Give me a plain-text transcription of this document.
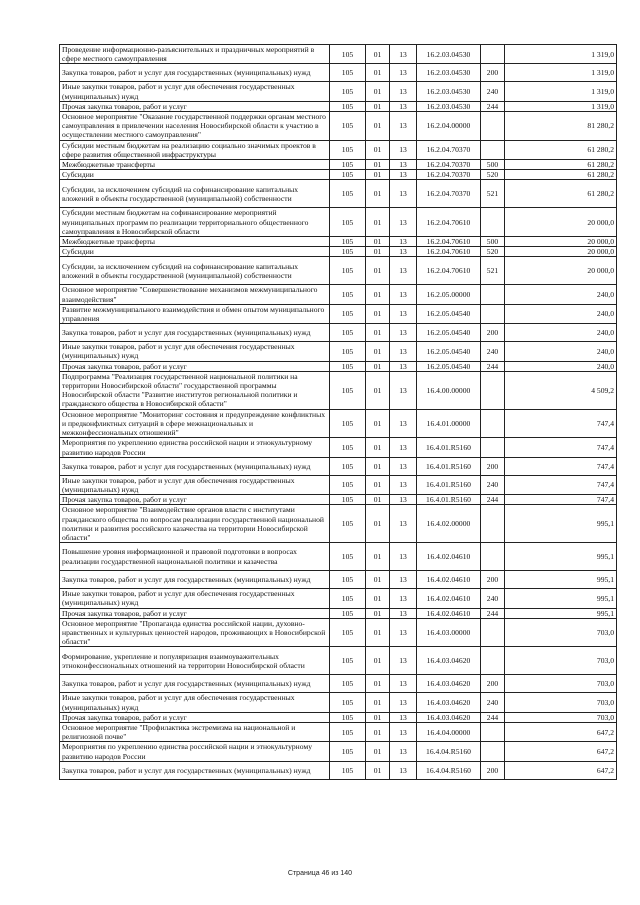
Проведение информационно-разъяснительных и праздничных мероприятий в сфере местного самоуправления	105	01	13	16.2.03.04530		1 319,0
Закупка товаров, работ и услуг для государственных (муниципальных) нужд	105	01	13	16.2.03.04530	200	1 319,0
Иные закупки товаров, работ и услуг для обеспечения государственных (муниципальных) нужд	105	01	13	16.2.03.04530	240	1 319,0
Прочая закупка товаров, работ и услуг	105	01	13	16.2.03.04530	244	1 319,0
Основное мероприятие "Оказание государственной поддержки органам местного самоуправления в привлечении населения Новосибирской области к участию в осуществлении местного самоуправления"	105	01	13	16.2.04.00000		81 280,2
Субсидии местным бюджетам на реализацию социально значимых проектов в сфере развития общественной инфраструктуры	105	01	13	16.2.04.70370		61 280,2
Межбюджетные трансферты	105	01	13	16.2.04.70370	500	61 280,2
Субсидии	105	01	13	16.2.04.70370	520	61 280,2
Субсидии, за исключением субсидий на софинансирование капитальных вложений в объекты государственной (муниципальной) собственности	105	01	13	16.2.04.70370	521	61 280,2
Субсидии местным бюджетам на софинансирование мероприятий муниципальных программ по реализации территориального общественного самоуправления в Новосибирской области	105	01	13	16.2.04.70610		20 000,0
Межбюджетные трансферты	105	01	13	16.2.04.70610	500	20 000,0
Субсидии	105	01	13	16.2.04.70610	520	20 000,0
Субсидии, за исключением субсидий на софинансирование капитальных вложений в объекты государственной (муниципальной) собственности	105	01	13	16.2.04.70610	521	20 000,0
Основное мероприятие "Совершенствование механизмов межмуниципального взаимодействия"	105	01	13	16.2.05.00000		240,0
Развитие межмуниципального взаимодействия и обмен опытом муниципального управления	105	01	13	16.2.05.04540		240,0
Закупка товаров, работ и услуг для государственных (муниципальных) нужд	105	01	13	16.2.05.04540	200	240,0
Иные закупки товаров, работ и услуг для обеспечения государственных (муниципальных) нужд	105	01	13	16.2.05.04540	240	240,0
Прочая закупка товаров, работ и услуг	105	01	13	16.2.05.04540	244	240,0
Подпрограмма "Реализация государственной национальной политики на территории Новосибирской области" государственной программы Новосибирской области "Развитие институтов региональной политики и гражданского общества в Новосибирской области"	105	01	13	16.4.00.00000		4 509,2
Основное мероприятие "Мониторинг состояния и предупреждение конфликтных и предконфликтных ситуаций в сфере межнациональных и межконфессиональных отношений"	105	01	13	16.4.01.00000		747,4
Мероприятия по укреплению единства российской нации и этнокультурному развитию народов России	105	01	13	16.4.01.R5160		747,4
Закупка товаров, работ и услуг для государственных (муниципальных) нужд	105	01	13	16.4.01.R5160	200	747,4
Иные закупки товаров, работ и услуг для обеспечения государственных (муниципальных) нужд	105	01	13	16.4.01.R5160	240	747,4
Прочая закупка товаров, работ и услуг	105	01	13	16.4.01.R5160	244	747,4
Основное мероприятие "Взаимодействие органов власти с институтами гражданского общества по вопросам реализации государственной национальной политики и развития российского казачества на территории Новосибирской области"	105	01	13	16.4.02.00000		995,1
Повышение уровня информационной и правовой подготовки в вопросах реализации государственной национальной политики и казачества	105	01	13	16.4.02.04610		995,1
Закупка товаров, работ и услуг для государственных (муниципальных) нужд	105	01	13	16.4.02.04610	200	995,1
Иные закупки товаров, работ и услуг для обеспечения государственных (муниципальных) нужд	105	01	13	16.4.02.04610	240	995,1
Прочая закупка товаров, работ и услуг	105	01	13	16.4.02.04610	244	995,1
Основное мероприятие "Пропаганда единства российской нации, духовно-нравственных и культурных ценностей народов, проживающих в Новосибирской области"	105	01	13	16.4.03.00000		703,0
Формирование, укрепление и популяризация взаимоуважительных этноконфессиональных отношений на территории Новосибирской области	105	01	13	16.4.03.04620		703,0
Закупка товаров, работ и услуг для государственных (муниципальных) нужд	105	01	13	16.4.03.04620	200	703,0
Иные закупки товаров, работ и услуг для обеспечения государственных (муниципальных) нужд	105	01	13	16.4.03.04620	240	703,0
Прочая закупка товаров, работ и услуг	105	01	13	16.4.03.04620	244	703,0
Основное мероприятие "Профилактика экстремизма на национальной и религиозной почве"	105	01	13	16.4.04.00000		647,2
Мероприятия по укреплению единства российской нации и этнокультурному развитию народов России	105	01	13	16.4.04.R5160		647,2
Закупка товаров, работ и услуг для государственных (муниципальных) нужд	105	01	13	16.4.04.R5160	200	647,2
Страница 46 из 140
